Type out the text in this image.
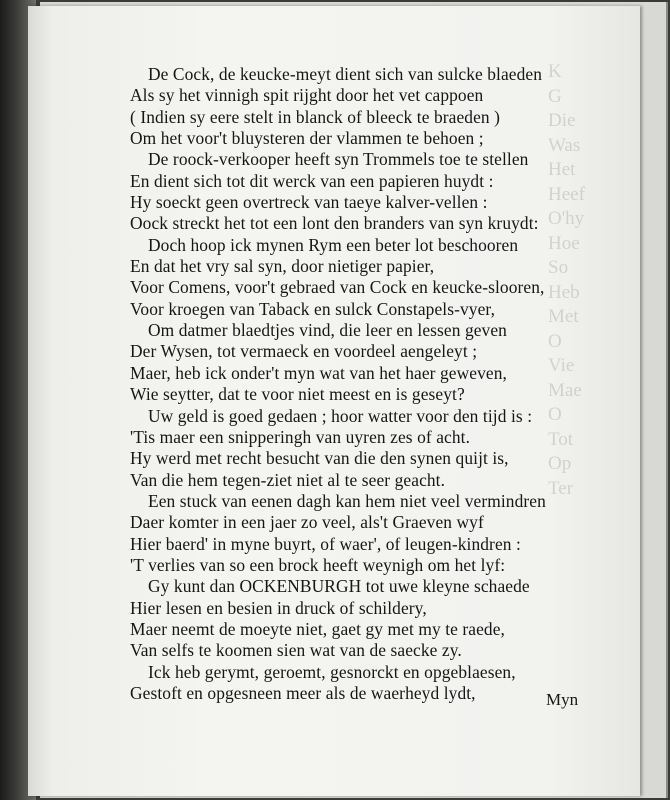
De Cock, de keucke-meyt dient sich van sulcke blaeden
Als sy het vinnigh spit rijght door het vet cappoen
( Indien sy eere stelt in blanck of bleeck te braeden )
Om het voor't bluysteren der vlammen te behoen ;
De roock-verkooper heeft syn Trommels toe te stellen
En dient sich tot dit werck van een papieren huydt :
Hy soeckt geen overtreck van taeye kalver-vellen :
Oock streckt het tot een lont den branders van syn kruydt:
Doch hoop ick mynen Rym een beter lot beschooren
En dat het vry sal syn, door nietiger papier,
Voor Comens, voor't gebraed van Cock en keucke-slooren,
Voor kroegen van Taback en sulck Constapels-vyer,
Om datmer blaedtjes vind, die leer en lessen geven
Der Wysen, tot vermaeck en voordeel aengeleyt ;
Maer, heb ick onder't myn wat van het haer geweven,
Wie seytter, dat te voor niet meest en is geseyt?
Uw geld is goed gedaen ; hoor watter voor den tijd is :
'Tis maer een snipperingh van uyren zes of acht.
Hy werd met recht besucht van die den synen quijt is,
Van die hem tegen-ziet niet al te seer geacht.
Een stuck van eenen dagh kan hem niet veel vermindren
Daer komter in een jaer zo veel, als't Graeven wyf
Hier baerd' in myne buyrt, of waer', of leugen-kindren :
'T verlies van so een brock heeft weynigh om het lyf:
Gy kunt dan OCKENBURGH tot uwe kleyne schaede
Hier lesen en besien in druck of schildery,
Maer neemt de moeyte niet, gaet gy met my te raede,
Van selfs te koomen sien wat van de saecke zy.
Ick heb gerymt, geroemt, gesnorckt en opgeblaesen,
Gestoft en opgesneen meer als de waerheyd lydt,	Myn
